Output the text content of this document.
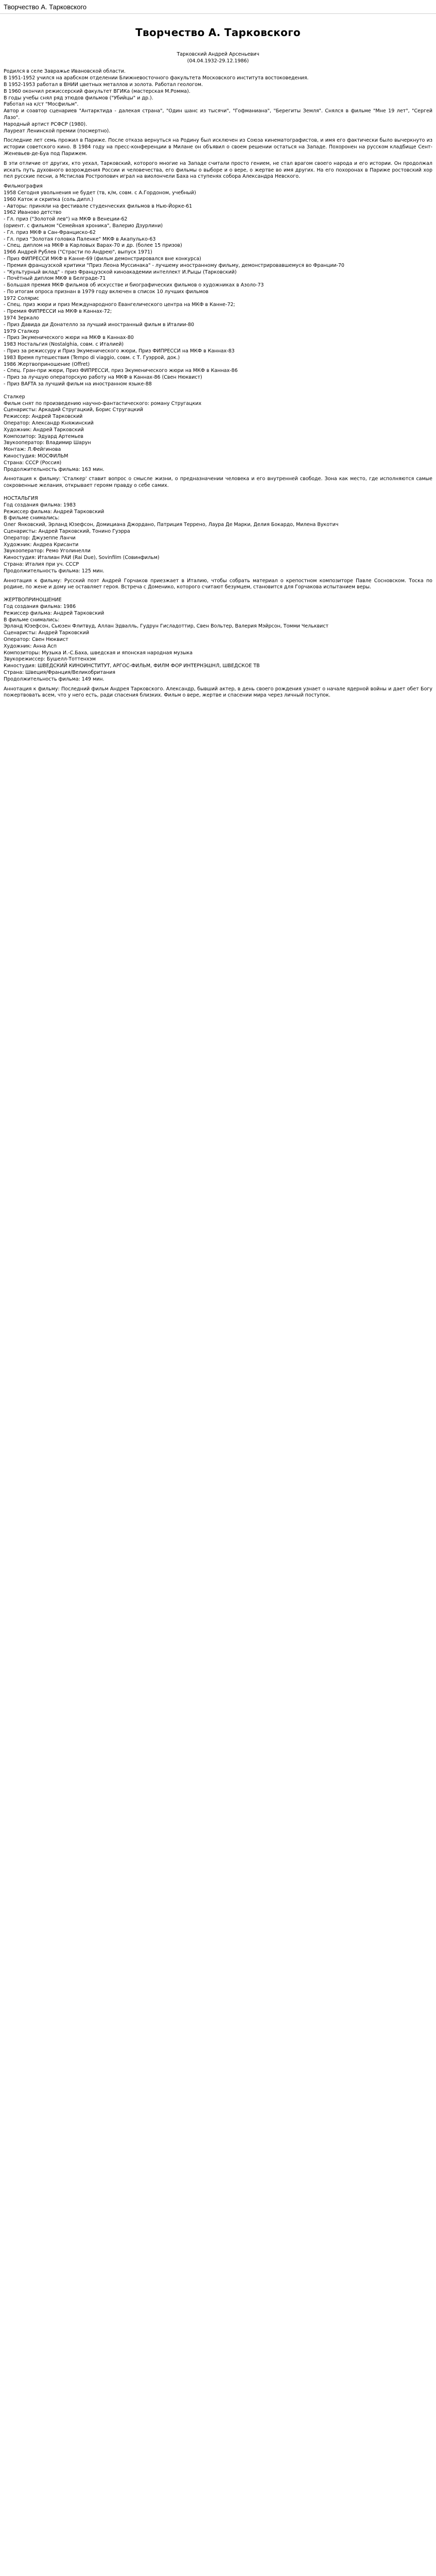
Творчество А. Тарковского
Творчество А. Тарковского

Тарковский Андрей Арсеньевич

(04.04.1932-29.12.1986)

Родился в селе Завражье Ивановской области.

В 1951-1952 учился на арабском отделении Ближневосточного факультета Московского института востоковедения.

В 1952-1953 работал в ВНИИ цветных металлов и золота. Работал геологом.

В 1960 окончил режиссерский факультет ВГИКа (мастерская М.Ромма).

В годы учебы снял ряд этюдов фильмов ("Убийцы" и др.).

Работал на к/ст "Мосфильм".

Автор и соавтор сценариев "Антарктида - далекая страна", "Один шанс из тысячи", "Гофманиана", "Берегиты Земля". Снялся в фильме "Мне 19 лет", "Сергей Лазо".

Народный артист РСФСР (1980).

Лауреат Ленинской премии (посмертно).

Последние лет семь прожил в Париже. После отказа вернуться на Родину был исключен из Союза кинематографистов, и имя его фактически было вычеркнуто из истории советского кино. В 1984 году на пресс-конференции в Милане он объявил о своем решении остаться на Западе. Похоронен на русском кладбище Сент-Женевьев-де-Буа под Парижем.

В эти отличие от других, кто уехал, Тарковский, которого многие на Западе считали просто гением, не стал врагом своего народа и его истории. Он продолжал искать путь духовного возрождения России и человечества, его фильмы о выборе и о вере, о жертве во имя других. На его похоронах в Париже ростовский хор пел русские песни, а Мстислав Ростропович играл на виолончели Баха на ступенях собора Александра Невского.

Фильмография

1958 Сегодня увольнения не будет (тв, к/м, совм. с А.Гордоном, учебный)

1960 Каток и скрипка (соль.дипл.)

- Авторы: приняли на фестивале студенческих фильмов в Нью-Йорке-61

1962 Иваново детство

- Гл. приз ("Золотой лев") на МКФ в Венеции-62

(ориент. с фильмом "Семейная хроника", Валерио Дзурлини)

- Гл. приз МКФ в Сан-Франциско-62

- Гл. приз "Золотая головка Паленке" МКФ в Акапулько-63

- Спец. диплом на МКФ в Карловых Варах-70 и др. (более 15 призов)

1966 Андрей Рублев ("Страсти по Андрею", выпуск 1971)

- Приз ФИПРЕССИ МКФ в Канне-69 (фильм демонстрировался вне конкурса)

- Премия французской критики "Приз Леона Муссинака" - лучшему иностранному фильму, демонстрировавшемуся во Франции-70

- "Культурный вклад" - приз Французской киноакадемии интеллект И.Рыцы (Тарковский)

- Почётный диплом МКФ в Белграде-71

- Большая премия МКФ фильмов об искусстве и биографических фильмов о художниках в Азоло-73

- По итогам опроса признан в 1979 году включен в список 10 лучших фильмов

1972 Солярис

- Спец. приз жюри и приз Международного Евангелического центра на МКФ в Канне-72;

- Премия ФИПРЕССИ на МКФ в Каннах-72;

1974 Зеркало

- Приз Давида ди Донателло за лучший иностранный фильм в Италии-80

1979 Сталкер

- Приз Экуменического жюри на МКФ в Каннах-80

1983 Ностальгия (Nostalghia, совм. с Италией)

- Приз за режиссуру и Приз Экуменического жюри, Приз ФИПРЕССИ на МКФ в Каннах-83

1983 Время путешествия (Tempo di viaggio, совм. с Т. Гуэррой, док.)

1986 Жертвоприношение (Offret)

- Спец. Гран-при жюри, Приз ФИПРЕССИ, приз Экуменического жюри на МКФ в Каннах-86

- Приз за лучшую операторскую работу на МКФ в Каннах-86 (Свен Нюквист)

- Приз BAFTA за лучший фильм на иностранном языке-88

Сталкер

Фильм снят по произведению научно-фантастического: роману Стругацких

Сценаристы: Аркадий Стругацкий, Борис Стругацкий

Режиссер: Андрей Тарковский

Оператор: Александр Княжинский

Художник: Андрей Тарковский

Композитор: Эдуард Артемьев

Звукооператор: Владимир Шарун

Монтаж: Л.Фейгинова

Киностудия: МОСФИЛЬМ

Страна: СССР (Россия)

Продолжительность фильма: 163 мин.

Аннотация к фильму: 'Сталкер' ставит вопрос о смысле жизни, о предназначении человека и его внутренней свободе. Зона как место, где исполняются самые сокровенные желания, открывает героям правду о себе самих.

НОСТАЛЬГИЯ

Год создания фильма: 1983

Режиссер фильма: Андрей Тарковский

В фильме снимались:

Олег Янковский, Эрланд Юзефсон, Домициана Джордано, Патриция Террено, Лаура Де Марки, Делия Бокардо, Милена Вукотич

Сценаристы: Андрей Тарковский, Тонино Гуэрра

Оператор: Джузеппе Ланчи

Художник: Андреа Крисанти

Звукооператор: Ремо Уголинелли

Киностудия: Италиан РАИ (Rai Due), Sovinfilm (Совинфильм)

Страна: Италия при уч. СССР

Продолжительность фильма: 125 мин.

Аннотация к фильму: Русский поэт Андрей Горчаков приезжает в Италию, чтобы собрать материал о крепостном композиторе Павле Сосновском. Тоска по родине, по жене и дому не оставляет героя. Встреча с Доменико, которого считают безумцем, становится для Горчакова испытанием веры.

ЖЕРТВОПРИНОШЕНИЕ

Год создания фильма: 1986

Режиссер фильма: Андрей Тарковский

В фильме снимались:

Эрланд Юзефсон, Сьюзен Флитвуд, Аллан Эдвалль, Гудрун Гисладоттир, Свен Вольтер, Валерия Мэйрсон, Томми Чельквист

Сценаристы: Андрей Тарковский

Оператор: Свен Нюквист

Художник: Анна Асп

Композиторы: Музыка И.-С.Баха, шведская и японская народная музыка

Звукорежиссер: Бушелл-Тоттенхэм

Киностудия: ШВЕДСКИЙ КИНОИНСТИТУТ, АРГОС-ФИЛЬМ, ФИЛМ ФОР ИНТЕРНЭШНЛ, ШВЕДСКОЕ ТВ

Страна: Швеция/Франция/Великобритания

Продолжительность фильма: 149 мин.

Аннотация к фильму: Последний фильм Андрея Тарковского. Александр, бывший актер, в день своего рождения узнает о начале ядерной войны и дает обет Богу пожертвовать всем, что у него есть, ради спасения близких. Фильм о вере, жертве и спасении мира через личный поступок.
